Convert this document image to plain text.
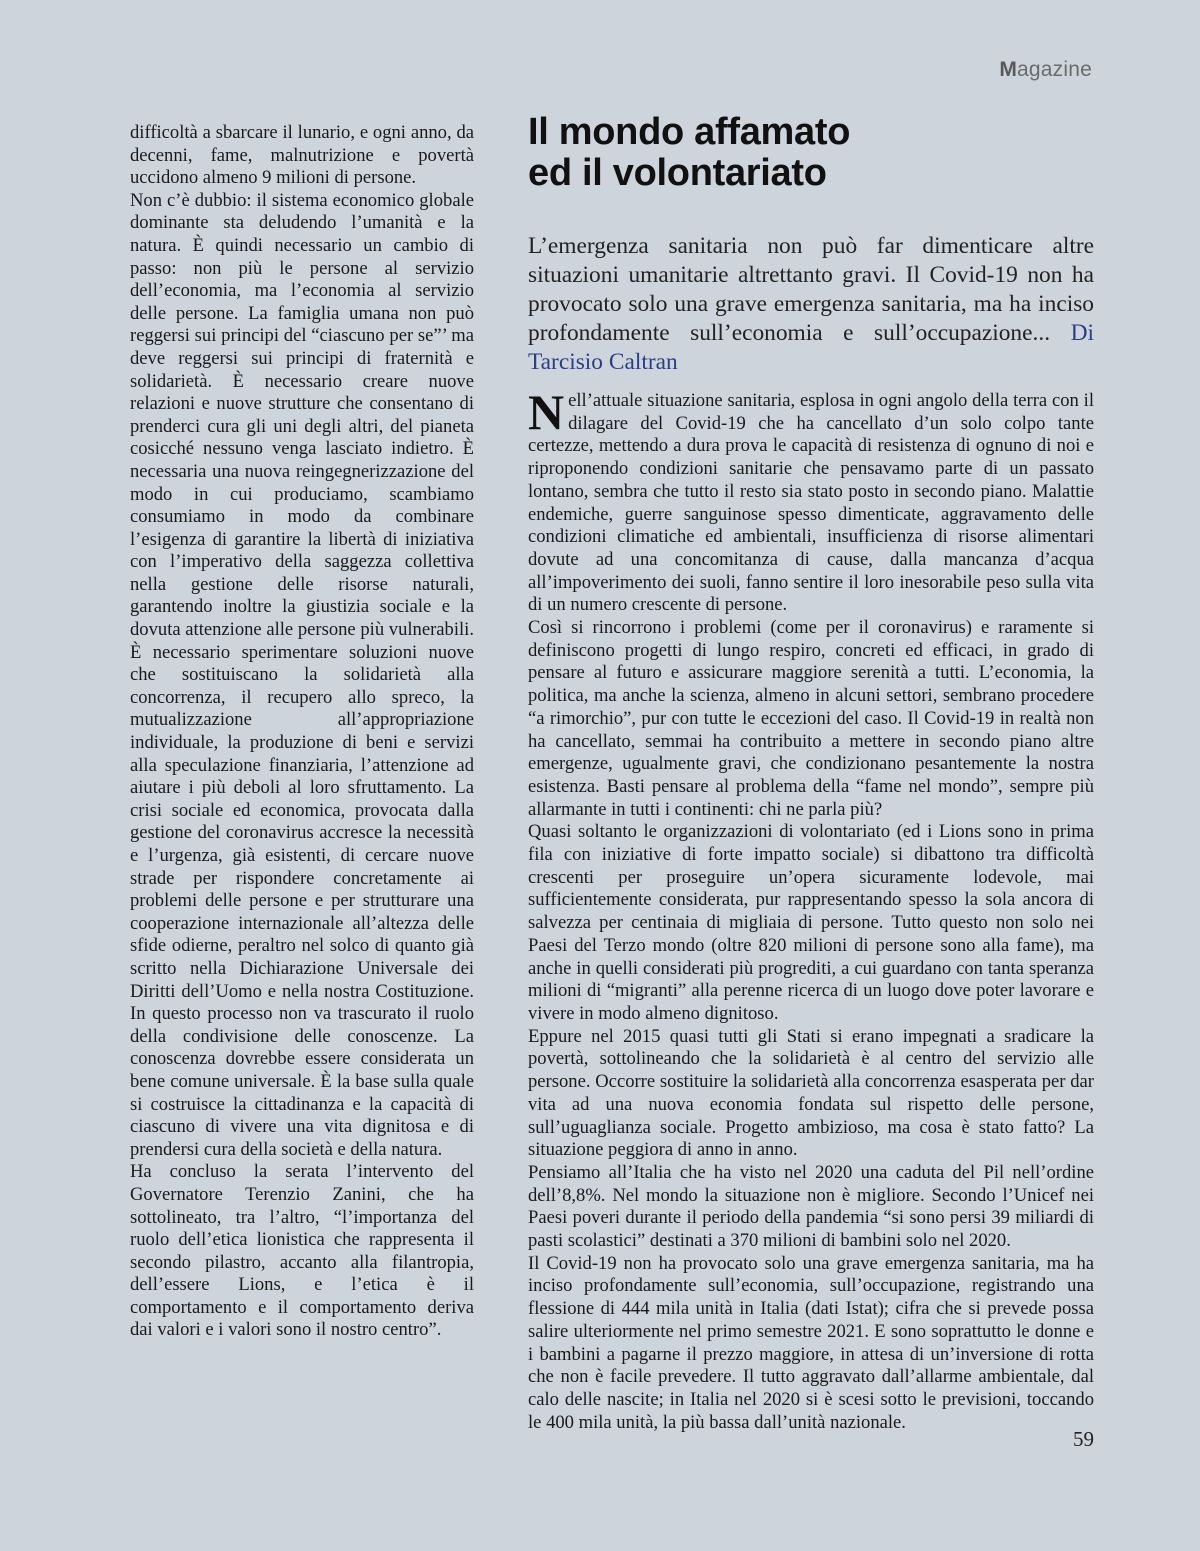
Magazine

difficoltà a sbarcare il lunario, e ogni anno, da decenni, fame, malnutrizione e povertà uccidono almeno 9 milioni di persone.

Non c’è dubbio: il sistema economico globale dominante sta deludendo l’umanità e la natura. È quindi necessario un cambio di passo: non più le persone al servizio dell’economia, ma l’economia al servizio delle persone. La famiglia umana non può reggersi sui principi del “ciascuno per se”’ ma deve reggersi sui principi di fraternità e solidarietà. È necessario creare nuove relazioni e nuove strutture che consentano di prenderci cura gli uni degli altri, del pianeta cosicché nessuno venga lasciato indietro. È necessaria una nuova reingegnerizzazione del modo in cui produciamo, scambiamo consumiamo in modo da combinare l’esigenza di garantire la libertà di iniziativa con l’imperativo della saggezza collettiva nella gestione delle risorse naturali, garantendo inoltre la giustizia sociale e la dovuta attenzione alle persone più vulnerabili. È necessario sperimentare soluzioni nuove che sostituiscano la solidarietà alla concorrenza, il recupero allo spreco, la mutualizzazione all’appropriazione individuale, la produzione di beni e servizi alla speculazione finanziaria, l’attenzione ad aiutare i più deboli al loro sfruttamento. La crisi sociale ed economica, provocata dalla gestione del coronavirus accresce la necessità e l’urgenza, già esistenti, di cercare nuove strade per rispondere concretamente ai problemi delle persone e per strutturare una cooperazione internazionale all’altezza delle sfide odierne, peraltro nel solco di quanto già scritto nella Dichiarazione Universale dei Diritti dell’Uomo e nella nostra Costituzione. In questo processo non va trascurato il ruolo della condivisione delle conoscenze. La conoscenza dovrebbe essere considerata un bene comune universale. È la base sulla quale si costruisce la cittadinanza e la capacità di ciascuno di vivere una vita dignitosa e di prendersi cura della società e della natura.

Ha concluso la serata l’intervento del Governatore Terenzio Zanini, che ha sottolineato, tra l’altro, “l’importanza del ruolo dell’etica lionistica che rappresenta il secondo pilastro, accanto alla filantropia, dell’essere Lions, e l’etica è il comportamento e il comportamento deriva dai valori e i valori sono il nostro centro”.

Il mondo affamato
ed il volontariato
L’emergenza sanitaria non può far dimenticare altre situazioni umanitarie altrettanto gravi. Il Covid-19 non ha provocato solo una grave emergenza sanitaria, ma ha inciso profondamente sull’economia e sull’occupazione... Di Tarcisio Caltran

Nell’attuale situazione sanitaria, esplosa in ogni angolo della terra con il dilagare del Covid-19 che ha cancellato d’un solo colpo tante certezze, mettendo a dura prova le capacità di resistenza di ognuno di noi e riproponendo condizioni sanitarie che pensavamo parte di un passato lontano, sembra che tutto il resto sia stato posto in secondo piano. Malattie endemiche, guerre sanguinose spesso dimenticate, aggravamento delle condizioni climatiche ed ambientali, insufficienza di risorse alimentari dovute ad una concomitanza di cause, dalla mancanza d’acqua all’impoverimento dei suoli, fanno sentire il loro inesorabile peso sulla vita di un numero crescente di persone.

Così si rincorrono i problemi (come per il coronavirus) e raramente si definiscono progetti di lungo respiro, concreti ed efficaci, in grado di pensare al futuro e assicurare maggiore serenità a tutti. L’economia, la politica, ma anche la scienza, almeno in alcuni settori, sembrano procedere “a rimorchio”, pur con tutte le eccezioni del caso. Il Covid-19 in realtà non ha cancellato, semmai ha contribuito a mettere in secondo piano altre emergenze, ugualmente gravi, che condizionano pesantemente la nostra esistenza. Basti pensare al problema della “fame nel mondo”, sempre più allarmante in tutti i continenti: chi ne parla più?

Quasi soltanto le organizzazioni di volontariato (ed i Lions sono in prima fila con iniziative di forte impatto sociale) si dibattono tra difficoltà crescenti per proseguire un’opera sicuramente lodevole, mai sufficientemente considerata, pur rappresentando spesso la sola ancora di salvezza per centinaia di migliaia di persone. Tutto questo non solo nei Paesi del Terzo mondo (oltre 820 milioni di persone sono alla fame), ma anche in quelli considerati più progrediti, a cui guardano con tanta speranza milioni di “migranti” alla perenne ricerca di un luogo dove poter lavorare e vivere in modo almeno dignitoso.

Eppure nel 2015 quasi tutti gli Stati si erano impegnati a sradicare la povertà, sottolineando che la solidarietà è al centro del servizio alle persone. Occorre sostituire la solidarietà alla concorrenza esasperata per dar vita ad una nuova economia fondata sul rispetto delle persone, sull’uguaglianza sociale. Progetto ambizioso, ma cosa è stato fatto? La situazione peggiora di anno in anno.

Pensiamo all’Italia che ha visto nel 2020 una caduta del Pil nell’ordine dell’8,8%. Nel mondo la situazione non è migliore. Secondo l’Unicef nei Paesi poveri durante il periodo della pandemia “si sono persi 39 miliardi di pasti scolastici” destinati a 370 milioni di bambini solo nel 2020.

Il Covid-19 non ha provocato solo una grave emergenza sanitaria, ma ha inciso profondamente sull’economia, sull’occupazione, registrando una flessione di 444 mila unità in Italia (dati Istat); cifra che si prevede possa salire ulteriormente nel primo semestre 2021. E sono soprattutto le donne e i bambini a pagarne il prezzo maggiore, in attesa di un’inversione di rotta che non è facile prevedere. Il tutto aggravato dall’allarme ambientale, dal calo delle nascite; in Italia nel 2020 si è scesi sotto le previsioni, toccando le 400 mila unità, la più bassa dall’unità nazionale.

59
